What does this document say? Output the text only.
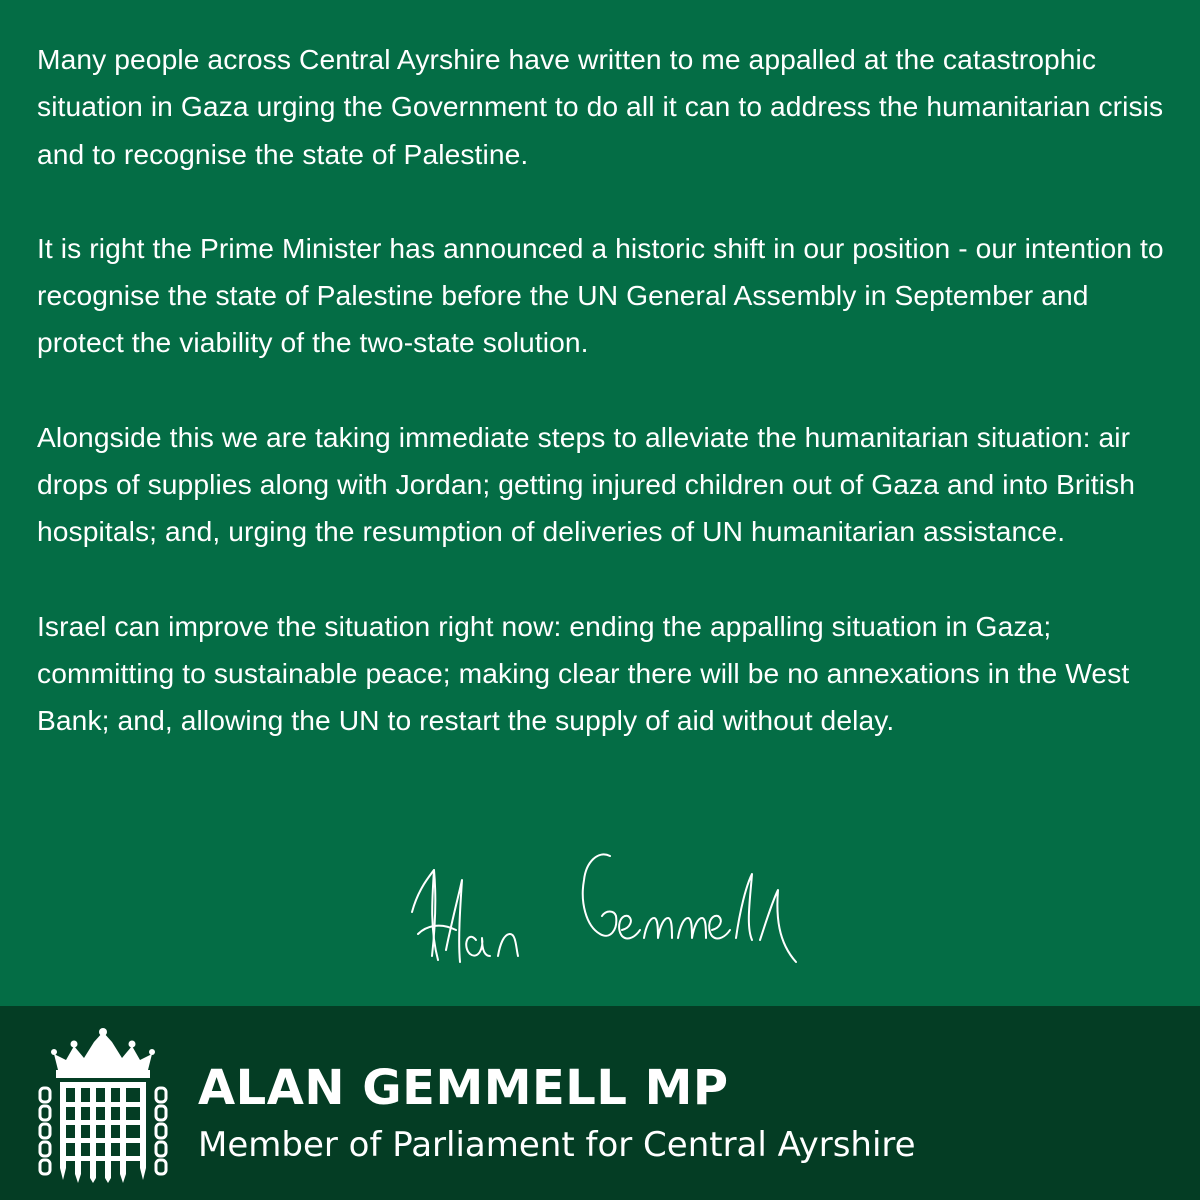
Many people across Central Ayrshire have written to me appalled at the catastrophic situation in Gaza urging the Government to do all it can to address the humanitarian crisis and to recognise the state of Palestine.

It is right the Prime Minister has announced a historic shift in our position - our intention to recognise the state of Palestine before the UN General Assembly in September and protect the viability of the two-state solution.

Alongside this we are taking immediate steps to alleviate the humanitarian situation: air drops of supplies along with Jordan; getting injured children out of Gaza and into British hospitals; and, urging the resumption of deliveries of UN humanitarian assistance.

Israel can improve the situation right now: ending the appalling situation in Gaza; committing to sustainable peace; making clear there will be no annexations in the West Bank; and, allowing the UN to restart the supply of aid without delay.

ALAN GEMMELL MP
Member of Parliament for Central Ayrshire
